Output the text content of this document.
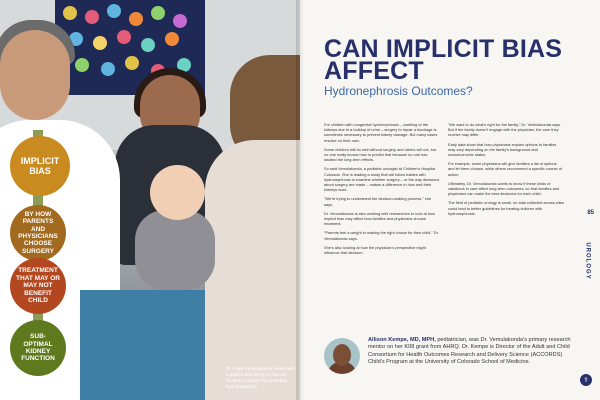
IMPLICIT BIAS
BY HOW PARENTS AND PHYSICIANS CHOOSE SURGERY
TREATMENT THAT MAY OR MAY NOT BENEFIT CHILD
SUB-OPTIMAL KIDNEY FUNCTION
Dr. Filipa Vemulakonda meets with a patient and family to discuss treatment options for antenatal hydronephrosis.
CAN IMPLICIT BIAS AFFECT
Hydronephrosis Outcomes?

For children with congenital hydronephrosis – swelling of the kidneys due to a buildup of urine – surgery to repair a blockage is sometimes necessary to prevent kidney damage. But many cases resolve on their own.

Some children will do well without surgery and others will not, but no one really knows how to predict that because no one has studied the long-term effects.

So said Vemulakonda, a pediatric urologist at Children's Hospital Colorado. She is leading a study that will follow babies with hydronephrosis to examine whether surgery – or the way decisions about surgery are made – makes a difference in how well their kidneys work.

"We're trying to understand the decision-making process," she says.

Dr. Vemulakonda is also working with researchers to look at how implicit bias may affect how families and physicians choose treatment.

"Parents feel a weight in making the right choice for their child," Dr. Vemulakonda says.

She's also looking at how the physician's perspective might influence that decision.

"We want to do what's right for the family," Dr. Vemulakonda says. But if the family doesn't engage with the physician, the care they receive may differ.

Early data show that how physicians explain options to families may vary depending on the family's background and socioeconomic status.

For example, some physicians will give families a list of options and let them choose, while others recommend a specific course of action.

Ultimately, Dr. Vemulakonda wants to know if these kinds of variations in care affect long-term outcomes, so that families and physicians can make the best decisions for each child.

The field of pediatric urology is small, so data collected across sites could lead to better guidelines for treating children with hydronephrosis.	85
UROLOGY
Allison Kempe, MD, MPH, pediatrician, was Dr. Vemulakonda's primary research mentor on her K08 grant from AHRQ. Dr. Kempe is Director of the Adult and Child Consortium for Health Outcomes Research and Delivery Science (ACCORDS) Child's Program at the University of Colorado School of Medicine.
⚕
